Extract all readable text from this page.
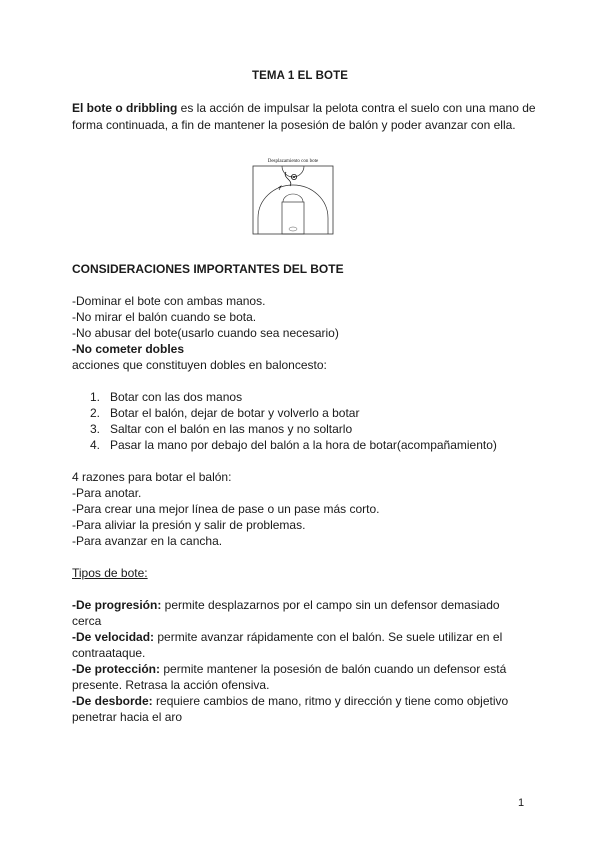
TEMA 1 EL BOTE
El bote o dribbling es la acción de impulsar la pelota contra el suelo con una mano de forma continuada, a fin de mantener la posesión de balón y poder avanzar con ella.
Desplazamiento con bote
CONSIDERACIONES IMPORTANTES DEL BOTE
-Dominar el bote con ambas manos.
-No mirar el balón cuando se bota.
-No abusar del bote(usarlo cuando sea necesario)
-No cometer dobles
acciones que constituyen dobles en baloncesto:
1. Botar con las dos manos
2. Botar el balón, dejar de botar y volverlo a botar
3. Saltar con el balón en las manos y no soltarlo
4. Pasar la mano por debajo del balón a la hora de botar(acompañamiento)
4 razones para botar el balón:
-Para anotar.
-Para crear una mejor línea de pase o un pase más corto.
-Para aliviar la presión y salir de problemas.
-Para avanzar en la cancha.
Tipos de bote:

-De progresión: permite desplazarnos por el campo sin un defensor demasiado cerca

-De velocidad: permite avanzar rápidamente con el balón. Se suele utilizar en el contraataque.

-De protección: permite mantener la posesión de balón cuando un defensor está presente. Retrasa la acción ofensiva.

-De desborde: requiere cambios de mano, ritmo y dirección y tiene como objetivo penetrar hacia el aro

1
